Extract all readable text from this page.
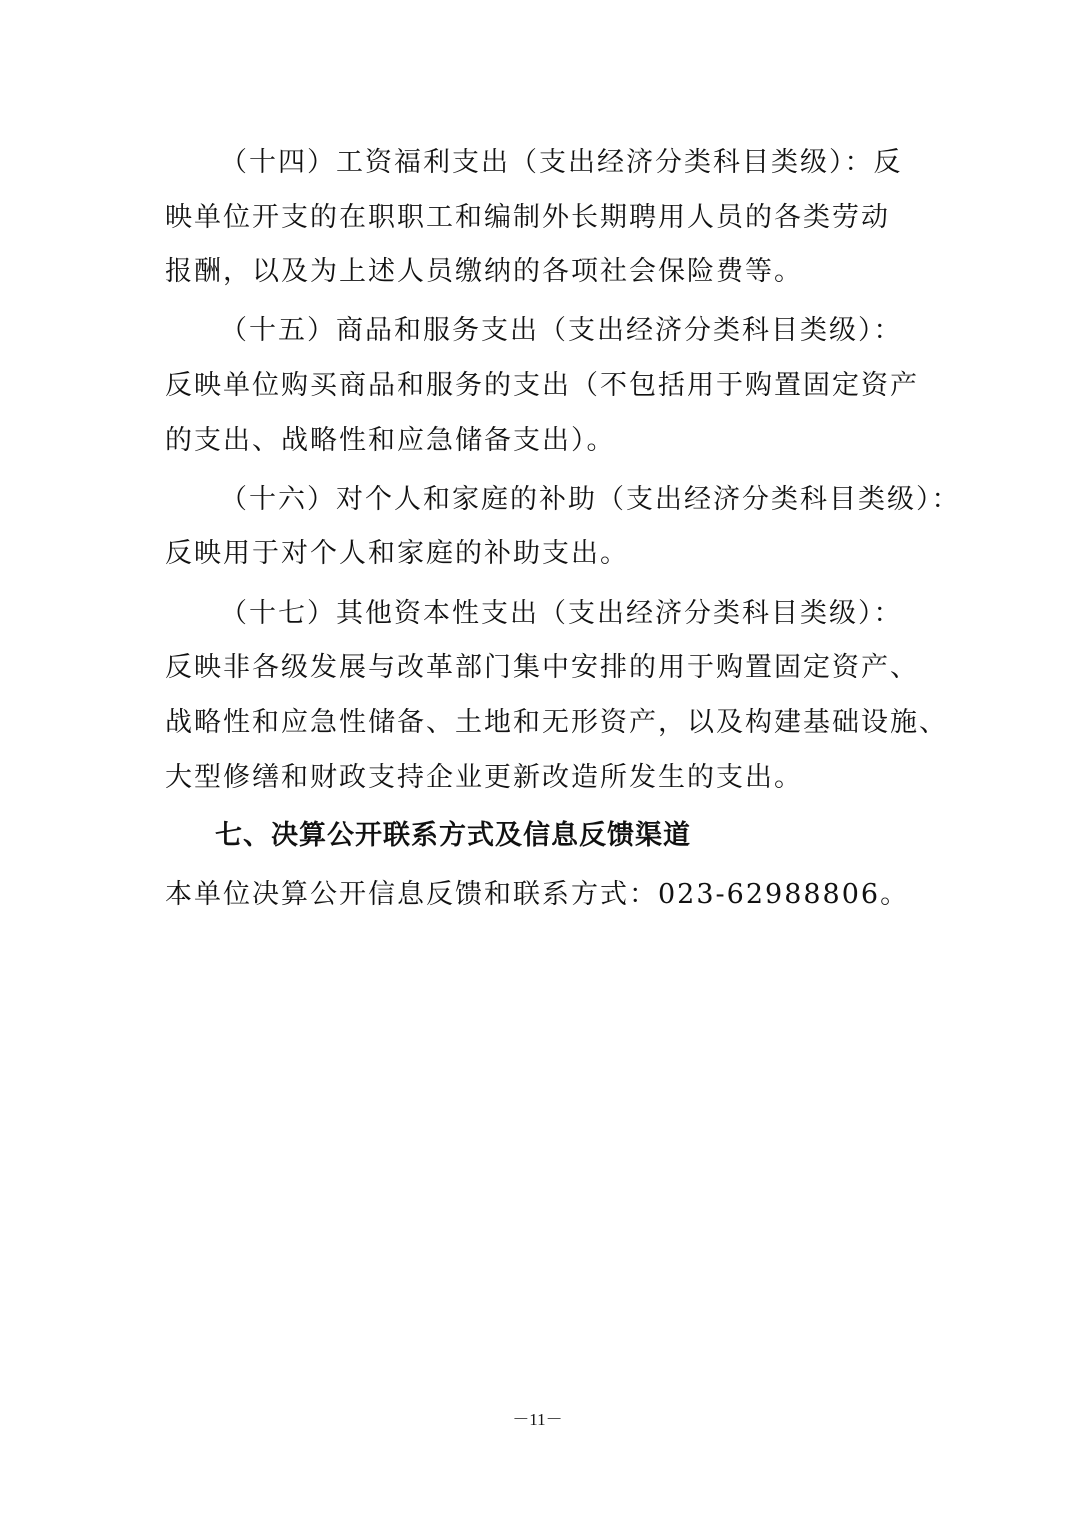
（十四）工资福利支出（支出经济分类科目类级）：反
映单位开支的在职职工和编制外长期聘用人员的各类劳动
报酬，以及为上述人员缴纳的各项社会保险费等。
（十五）商品和服务支出（支出经济分类科目类级）：
反映单位购买商品和服务的支出（不包括用于购置固定资产
的支出、战略性和应急储备支出）。
（十六）对个人和家庭的补助（支出经济分类科目类级）：
反映用于对个人和家庭的补助支出。
（十七）其他资本性支出（支出经济分类科目类级）：
反映非各级发展与改革部门集中安排的用于购置固定资产、
战略性和应急性储备、土地和无形资产，以及构建基础设施、
大型修缮和财政支持企业更新改造所发生的支出。
七、决算公开联系方式及信息反馈渠道
本单位决算公开信息反馈和联系方式：023-62988806。
－11－
